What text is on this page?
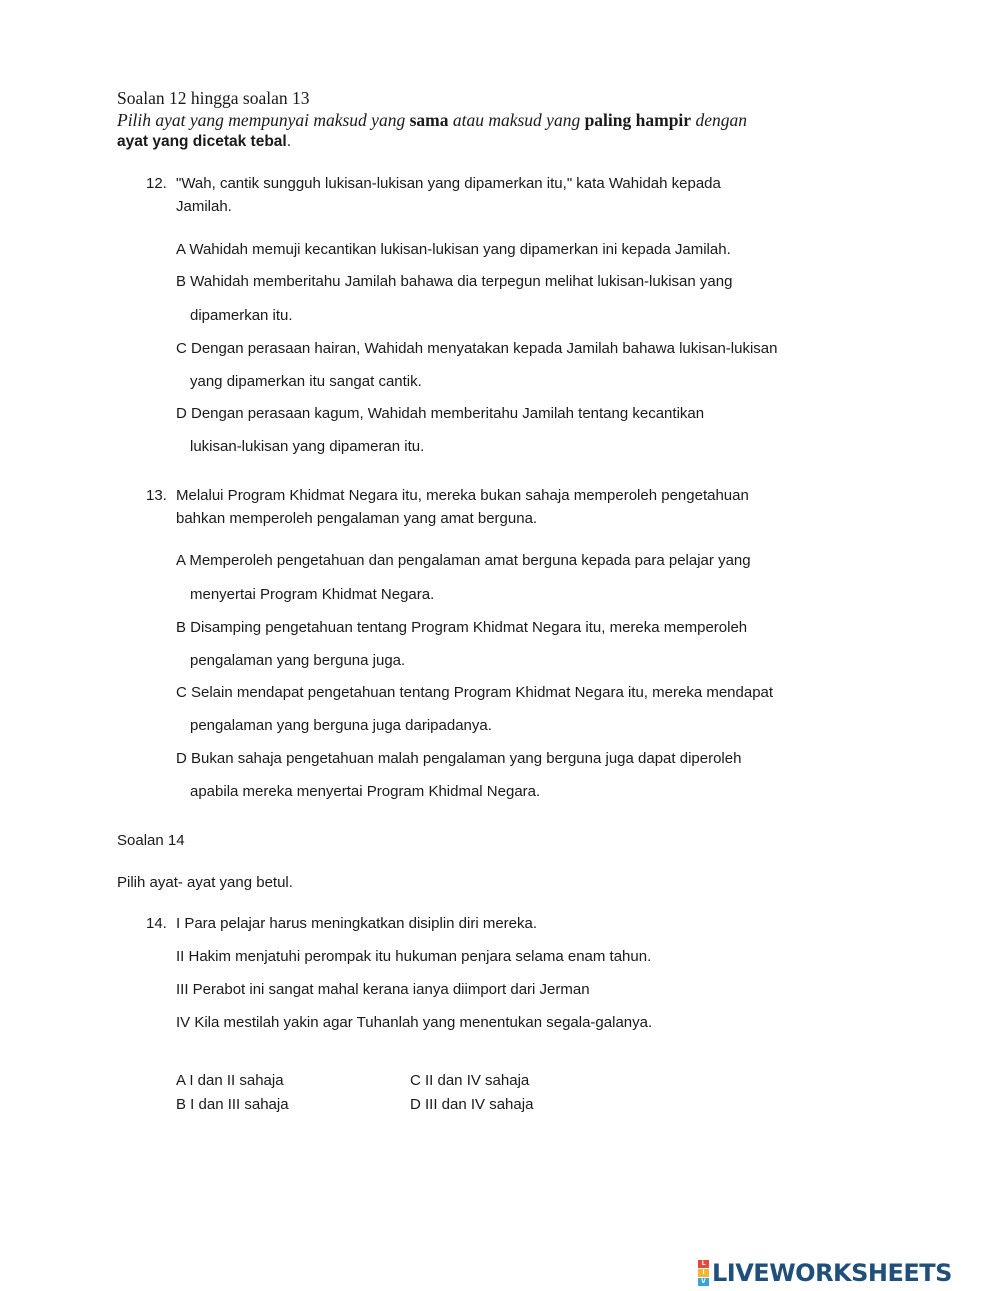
Soalan 12 hingga soalan 13
Pilih ayat yang mempunyai maksud yang sama atau maksud yang paling hampir dengan
ayat yang dicetak tebal.
12. "Wah, cantik sungguh lukisan-lukisan yang dipamerkan itu," kata Wahidah kepada
Jamilah.
A Wahidah memuji kecantikan lukisan-lukisan yang dipamerkan ini kepada Jamilah.
B Wahidah memberitahu Jamilah bahawa dia terpegun melihat lukisan-lukisan yang
dipamerkan itu.
C Dengan perasaan hairan, Wahidah menyatakan kepada Jamilah bahawa lukisan-lukisan
yang dipamerkan itu sangat cantik.
D Dengan perasaan kagum, Wahidah memberitahu Jamilah tentang kecantikan
lukisan-lukisan yang dipameran itu.
13. Melalui Program Khidmat Negara itu, mereka bukan sahaja memperoleh pengetahuan
bahkan memperoleh pengalaman yang amat berguna.
A Memperoleh pengetahuan dan pengalaman amat berguna kepada para pelajar yang
menyertai Program Khidmat Negara.
B Disamping pengetahuan tentang Program Khidmat Negara itu, mereka memperoleh
pengalaman yang berguna juga.
C Selain mendapat pengetahuan tentang Program Khidmat Negara itu, mereka mendapat
pengalaman yang berguna juga daripadanya.
D Bukan sahaja pengetahuan malah pengalaman yang berguna juga dapat diperoleh
apabila mereka menyertai Program Khidmal Negara.
Soalan 14
Pilih ayat- ayat yang betul.
14. I Para pelajar harus meningkatkan disiplin diri mereka.
II Hakim menjatuhi perompak itu hukuman penjara selama enam tahun.
III Perabot ini sangat mahal kerana ianya diimport dari Jerman
IV Kila mestilah yakin agar Tuhanlah yang menentukan segala-galanya.
A I dan II sahaja
B I dan III sahaja
C II dan IV sahaja
D III dan IV sahaja
L
I
V LIVEWORKSHEETS
